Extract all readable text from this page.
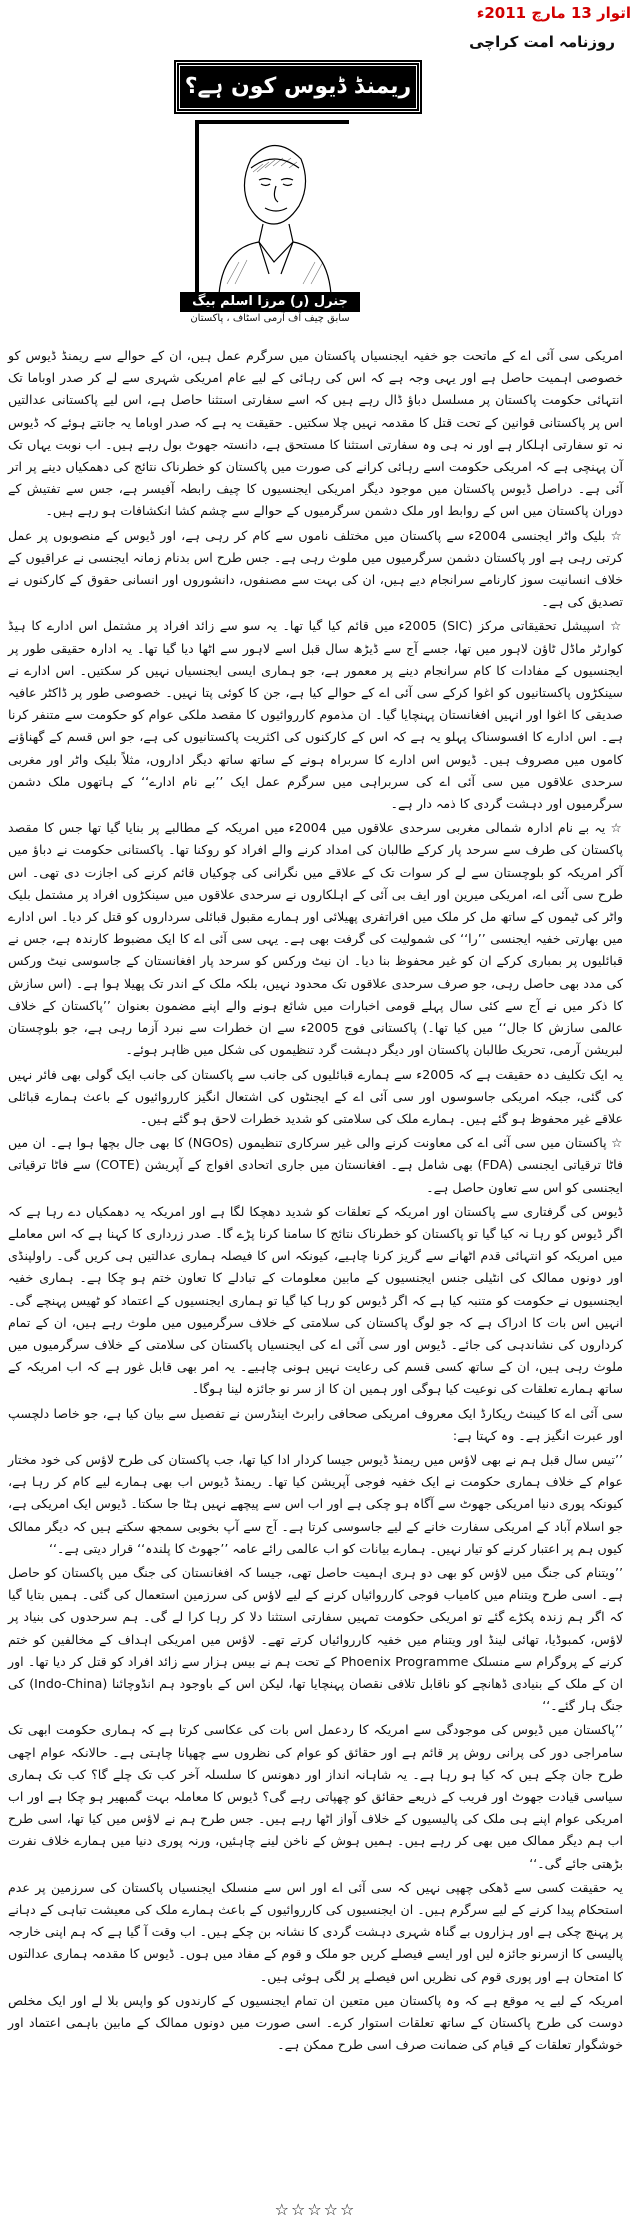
اتوار 13 مارچ 2011ء
روزنامہ امت کراچی
ریمنڈ ڈیوس کون ہے؟
جنرل (ر) مرزا اسلم بیگ
سابق چیف آف آرمی اسٹاف ، پاکستان

امریکی سی آئی اے کے ماتحت جو خفیہ ایجنسیاں پاکستان میں سرگرم عمل ہیں، ان کے حوالے سے ریمنڈ ڈیوس کو خصوصی اہمیت حاصل ہے اور یہی وجہ ہے کہ اس کی رہائی کے لیے عام امریکی شہری سے لے کر صدر اوباما تک انتہائی حکومت پاکستان پر مسلسل دباؤ ڈال رہے ہیں کہ اسے سفارتی استثنا حاصل ہے، اس لیے پاکستانی عدالتیں اس پر پاکستانی قوانین کے تحت قتل کا مقدمہ نہیں چلا سکتیں۔ حقیقت یہ ہے کہ صدر اوباما یہ جانتے ہوئے کہ ڈیوس نہ تو سفارتی اہلکار ہے اور نہ ہی وہ سفارتی استثنا کا مستحق ہے، دانستہ جھوٹ بول رہے ہیں۔ اب نوبت یہاں تک آن پہنچی ہے کہ امریکی حکومت اسے رہائی کرانے کی صورت میں پاکستان کو خطرناک نتائج کی دھمکیاں دینے پر اتر آئی ہے۔ دراصل ڈیوس پاکستان میں موجود دیگر امریکی ایجنسیوں کا چیف رابطہ آفیسر ہے، جس سے تفتیش کے دوران پاکستان میں اس کے روابط اور ملک دشمن سرگرمیوں کے حوالے سے چشم کشا انکشافات ہو رہے ہیں۔

☆ بلیک واٹر ایجنسی 2004ء سے پاکستان میں مختلف ناموں سے کام کر رہی ہے، اور ڈیوس کے منصوبوں پر عمل کرتی رہی ہے اور پاکستان دشمن سرگرمیوں میں ملوث رہی ہے۔ جس طرح اس بدنام زمانہ ایجنسی نے عراقیوں کے خلاف انسانیت سوز کارنامے سرانجام دیے ہیں، ان کی بہت سے مصنفوں، دانشوروں اور انسانی حقوق کے کارکنوں نے تصدیق کی ہے۔

☆ اسپیشل تحقیقاتی مرکز (SIC) 2005ء میں قائم کیا گیا تھا۔ یہ سو سے زائد افراد پر مشتمل اس ادارے کا ہیڈ کوارٹر ماڈل ٹاؤن لاہور میں تھا، جسے آج سے ڈیڑھ سال قبل اسے لاہور سے اٹھا دیا گیا تھا۔ یہ ادارہ حقیقی طور پر ایجنسیوں کے مفادات کا کام سرانجام دینے پر معمور ہے، جو ہماری ایسی ایجنسیاں نہیں کر سکتیں۔ اس ادارے نے سینکڑوں پاکستانیوں کو اغوا کرکے سی آئی اے کے حوالے کیا ہے، جن کا کوئی پتا نہیں۔ خصوصی طور پر ڈاکٹر عافیہ صدیقی کا اغوا اور انہیں افغانستان پہنچایا گیا۔ ان مذموم کارروائیوں کا مقصد ملکی عوام کو حکومت سے متنفر کرنا ہے۔ اس ادارے کا افسوسناک پہلو یہ ہے کہ اس کے کارکنوں کی اکثریت پاکستانیوں کی ہے، جو اس قسم کے گھناؤنے کاموں میں مصروف ہیں۔ ڈیوس اس ادارے کا سربراہ ہونے کے ساتھ ساتھ دیگر اداروں، مثلاً بلیک واٹر اور مغربی سرحدی علاقوں میں سی آئی اے کی سربراہی میں سرگرم عمل ایک ’’بے نام ادارے‘‘ کے ہاتھوں ملک دشمن سرگرمیوں اور دہشت گردی کا ذمہ دار ہے۔

☆ یہ بے نام ادارہ شمالی مغربی سرحدی علاقوں میں 2004ء میں امریکہ کے مطالبے پر بنایا گیا تھا جس کا مقصد پاکستان کی طرف سے سرحد پار کرکے طالبان کی امداد کرنے والے افراد کو روکنا تھا۔ پاکستانی حکومت نے دباؤ میں آکر امریکہ کو بلوچستان سے لے کر سوات تک کے علاقے میں نگرانی کی چوکیاں قائم کرنے کی اجازت دی تھی۔ اس طرح سی آئی اے، امریکی میرین اور ایف بی آئی کے اہلکاروں نے سرحدی علاقوں میں سینکڑوں افراد پر مشتمل بلیک واٹر کی ٹیموں کے ساتھ مل کر ملک میں افراتفری پھیلائی اور ہمارے مقبول قبائلی سرداروں کو قتل کر دیا۔ اس ادارے میں بھارتی خفیہ ایجنسی ’’را‘‘ کی شمولیت کی گرفت بھی ہے۔ یہی سی آئی اے کا ایک مضبوط کارندہ ہے، جس نے قبائلیوں پر بمباری کرکے ان کو غیر محفوظ بنا دیا۔ ان نیٹ ورکس کو سرحد پار افغانستان کے جاسوسی نیٹ ورکس کی مدد بھی حاصل رہی، جو صرف سرحدی علاقوں تک محدود نہیں، بلکہ ملک کے اندر تک پھیلا ہوا ہے۔ (اس سازش کا ذکر میں نے آج سے کئی سال پہلے قومی اخبارات میں شائع ہونے والے اپنے مضمون بعنوان ’’پاکستان کے خلاف عالمی سازش کا جال‘‘ میں کیا تھا۔) پاکستانی فوج 2005ء سے ان خطرات سے نبرد آزما رہی ہے، جو بلوچستان لبریشن آرمی، تحریک طالبان پاکستان اور دیگر دہشت گرد تنظیموں کی شکل میں ظاہر ہوئے۔

یہ ایک تکلیف دہ حقیقت ہے کہ 2005ء سے ہمارے قبائلیوں کی جانب سے پاکستان کی جانب ایک گولی بھی فائر نہیں کی گئی، جبکہ امریکی جاسوسوں اور سی آئی اے کے ایجنٹوں کی اشتعال انگیز کارروائیوں کے باعث ہمارے قبائلی علاقے غیر محفوظ ہو گئے ہیں۔ ہمارے ملک کی سلامتی کو شدید خطرات لاحق ہو گئے ہیں۔

☆ پاکستان میں سی آئی اے کی معاونت کرنے والی غیر سرکاری تنظیموں (NGOs) کا بھی جال بچھا ہوا ہے۔ ان میں فاٹا ترقیاتی ایجنسی (FDA) بھی شامل ہے۔ افغانستان میں جاری اتحادی افواج کے آپریشن (COTE) سے فاٹا ترقیاتی ایجنسی کو اس سے تعاون حاصل ہے۔

ڈیوس کی گرفتاری سے پاکستان اور امریکہ کے تعلقات کو شدید دھچکا لگا ہے اور امریکہ یہ دھمکیاں دے رہا ہے کہ اگر ڈیوس کو رہا نہ کیا گیا تو پاکستان کو خطرناک نتائج کا سامنا کرنا پڑے گا۔ صدر زرداری کا کہنا ہے کہ اس معاملے میں امریکہ کو انتہائی قدم اٹھانے سے گریز کرنا چاہیے، کیونکہ اس کا فیصلہ ہماری عدالتیں ہی کریں گی۔ راولپنڈی اور دونوں ممالک کی انٹیلی جنس ایجنسیوں کے مابین معلومات کے تبادلے کا تعاون ختم ہو چکا ہے۔ ہماری خفیہ ایجنسیوں نے حکومت کو متنبہ کیا ہے کہ اگر ڈیوس کو رہا کیا گیا تو ہماری ایجنسیوں کے اعتماد کو ٹھیس پہنچے گی۔ انہیں اس بات کا ادراک ہے کہ جو لوگ پاکستان کی سلامتی کے خلاف سرگرمیوں میں ملوث رہے ہیں، ان کے تمام کرداروں کی نشاندہی کی جائے۔ ڈیوس اور سی آئی اے کی ایجنسیاں پاکستان کی سلامتی کے خلاف سرگرمیوں میں ملوث رہی ہیں، ان کے ساتھ کسی قسم کی رعایت نہیں ہونی چاہیے۔ یہ امر بھی قابل غور ہے کہ اب امریکہ کے ساتھ ہمارے تعلقات کی نوعیت کیا ہوگی اور ہمیں ان کا از سر نو جائزہ لینا ہوگا۔

سی آئی اے کا کیبنٹ ریکارڈ ایک معروف امریکی صحافی رابرٹ اینڈرسن نے تفصیل سے بیان کیا ہے، جو خاصا دلچسپ اور عبرت انگیز ہے۔ وہ کہتا ہے:

’’تیس سال قبل ہم نے بھی لاؤس میں ریمنڈ ڈیوس جیسا کردار ادا کیا تھا، جب پاکستان کی طرح لاؤس کی خود مختار عوام کے خلاف ہماری حکومت نے ایک خفیہ فوجی آپریشن کیا تھا۔ ریمنڈ ڈیوس اب بھی ہمارے لیے کام کر رہا ہے، کیونکہ پوری دنیا امریکی جھوٹ سے آگاہ ہو چکی ہے اور اب اس سے پیچھے نہیں ہٹا جا سکتا۔ ڈیوس ایک امریکی ہے، جو اسلام آباد کے امریکی سفارت خانے کے لیے جاسوسی کرتا ہے۔ آج سے آپ بخوبی سمجھ سکتے ہیں کہ دیگر ممالک کیوں ہم پر اعتبار کرنے کو تیار نہیں۔ ہمارے بیانات کو اب عالمی رائے عامہ ’’جھوٹ کا پلندہ‘‘ قرار دیتی ہے۔‘‘

’’ویتنام کی جنگ میں لاؤس کو بھی دو ہری اہمیت حاصل تھی، جیسا کہ افغانستان کی جنگ میں پاکستان کو حاصل ہے۔ اسی طرح ویتنام میں کامیاب فوجی کارروائیاں کرنے کے لیے لاؤس کی سرزمین استعمال کی گئی۔ ہمیں بتایا گیا کہ اگر ہم زندہ پکڑے گئے تو امریکی حکومت تمہیں سفارتی استثنا دلا کر رہا کرا لے گی۔ ہم سرحدوں کی بنیاد پر لاؤس، کمبوڈیا، تھائی لینڈ اور ویتنام میں خفیہ کارروائیاں کرتے تھے۔ لاؤس میں امریکی اہداف کے مخالفین کو ختم کرنے کے پروگرام سے منسلک Phoenix Programme کے تحت ہم نے بیس ہزار سے زائد افراد کو قتل کر دیا تھا۔ اور ان کے ملک کے بنیادی ڈھانچے کو ناقابل تلافی نقصان پہنچایا تھا، لیکن اس کے باوجود ہم انڈوچائنا (Indo-China) کی جنگ ہار گئے۔‘‘

’’پاکستان میں ڈیوس کی موجودگی سے امریکہ کا ردعمل اس بات کی عکاسی کرتا ہے کہ ہماری حکومت ابھی تک سامراجی دور کی پرانی روش پر قائم ہے اور حقائق کو عوام کی نظروں سے چھپانا چاہتی ہے۔ حالانکہ عوام اچھی طرح جان چکے ہیں کہ کیا ہو رہا ہے۔ یہ شاہانہ انداز اور دھونس کا سلسلہ آخر کب تک چلے گا؟ کب تک ہماری سیاسی قیادت جھوٹ اور فریب کے ذریعے حقائق کو چھپاتی رہے گی؟ ڈیوس کا معاملہ بہت گمبھیر ہو چکا ہے اور اب امریکی عوام اپنے ہی ملک کی پالیسیوں کے خلاف آواز اٹھا رہے ہیں۔ جس طرح ہم نے لاؤس میں کیا تھا، اسی طرح اب ہم دیگر ممالک میں بھی کر رہے ہیں۔ ہمیں ہوش کے ناخن لینے چاہئیں، ورنہ پوری دنیا میں ہمارے خلاف نفرت بڑھتی جائے گی۔‘‘

یہ حقیقت کسی سے ڈھکی چھپی نہیں کہ سی آئی اے اور اس سے منسلک ایجنسیاں پاکستان کی سرزمین پر عدم استحکام پیدا کرنے کے لیے سرگرم ہیں۔ ان ایجنسیوں کی کارروائیوں کے باعث ہمارے ملک کی معیشت تباہی کے دہانے پر پہنچ چکی ہے اور ہزاروں بے گناہ شہری دہشت گردی کا نشانہ بن چکے ہیں۔ اب وقت آ گیا ہے کہ ہم اپنی خارجہ پالیسی کا ازسرنو جائزہ لیں اور ایسے فیصلے کریں جو ملک و قوم کے مفاد میں ہوں۔ ڈیوس کا مقدمہ ہماری عدالتوں کا امتحان ہے اور پوری قوم کی نظریں اس فیصلے پر لگی ہوئی ہیں۔

امریکہ کے لیے یہ موقع ہے کہ وہ پاکستان میں متعین ان تمام ایجنسیوں کے کارندوں کو واپس بلا لے اور ایک مخلص دوست کی طرح پاکستان کے ساتھ تعلقات استوار کرے۔ اسی صورت میں دونوں ممالک کے مابین باہمی اعتماد اور خوشگوار تعلقات کے قیام کی ضمانت صرف اسی طرح ممکن ہے۔

☆☆☆☆☆
